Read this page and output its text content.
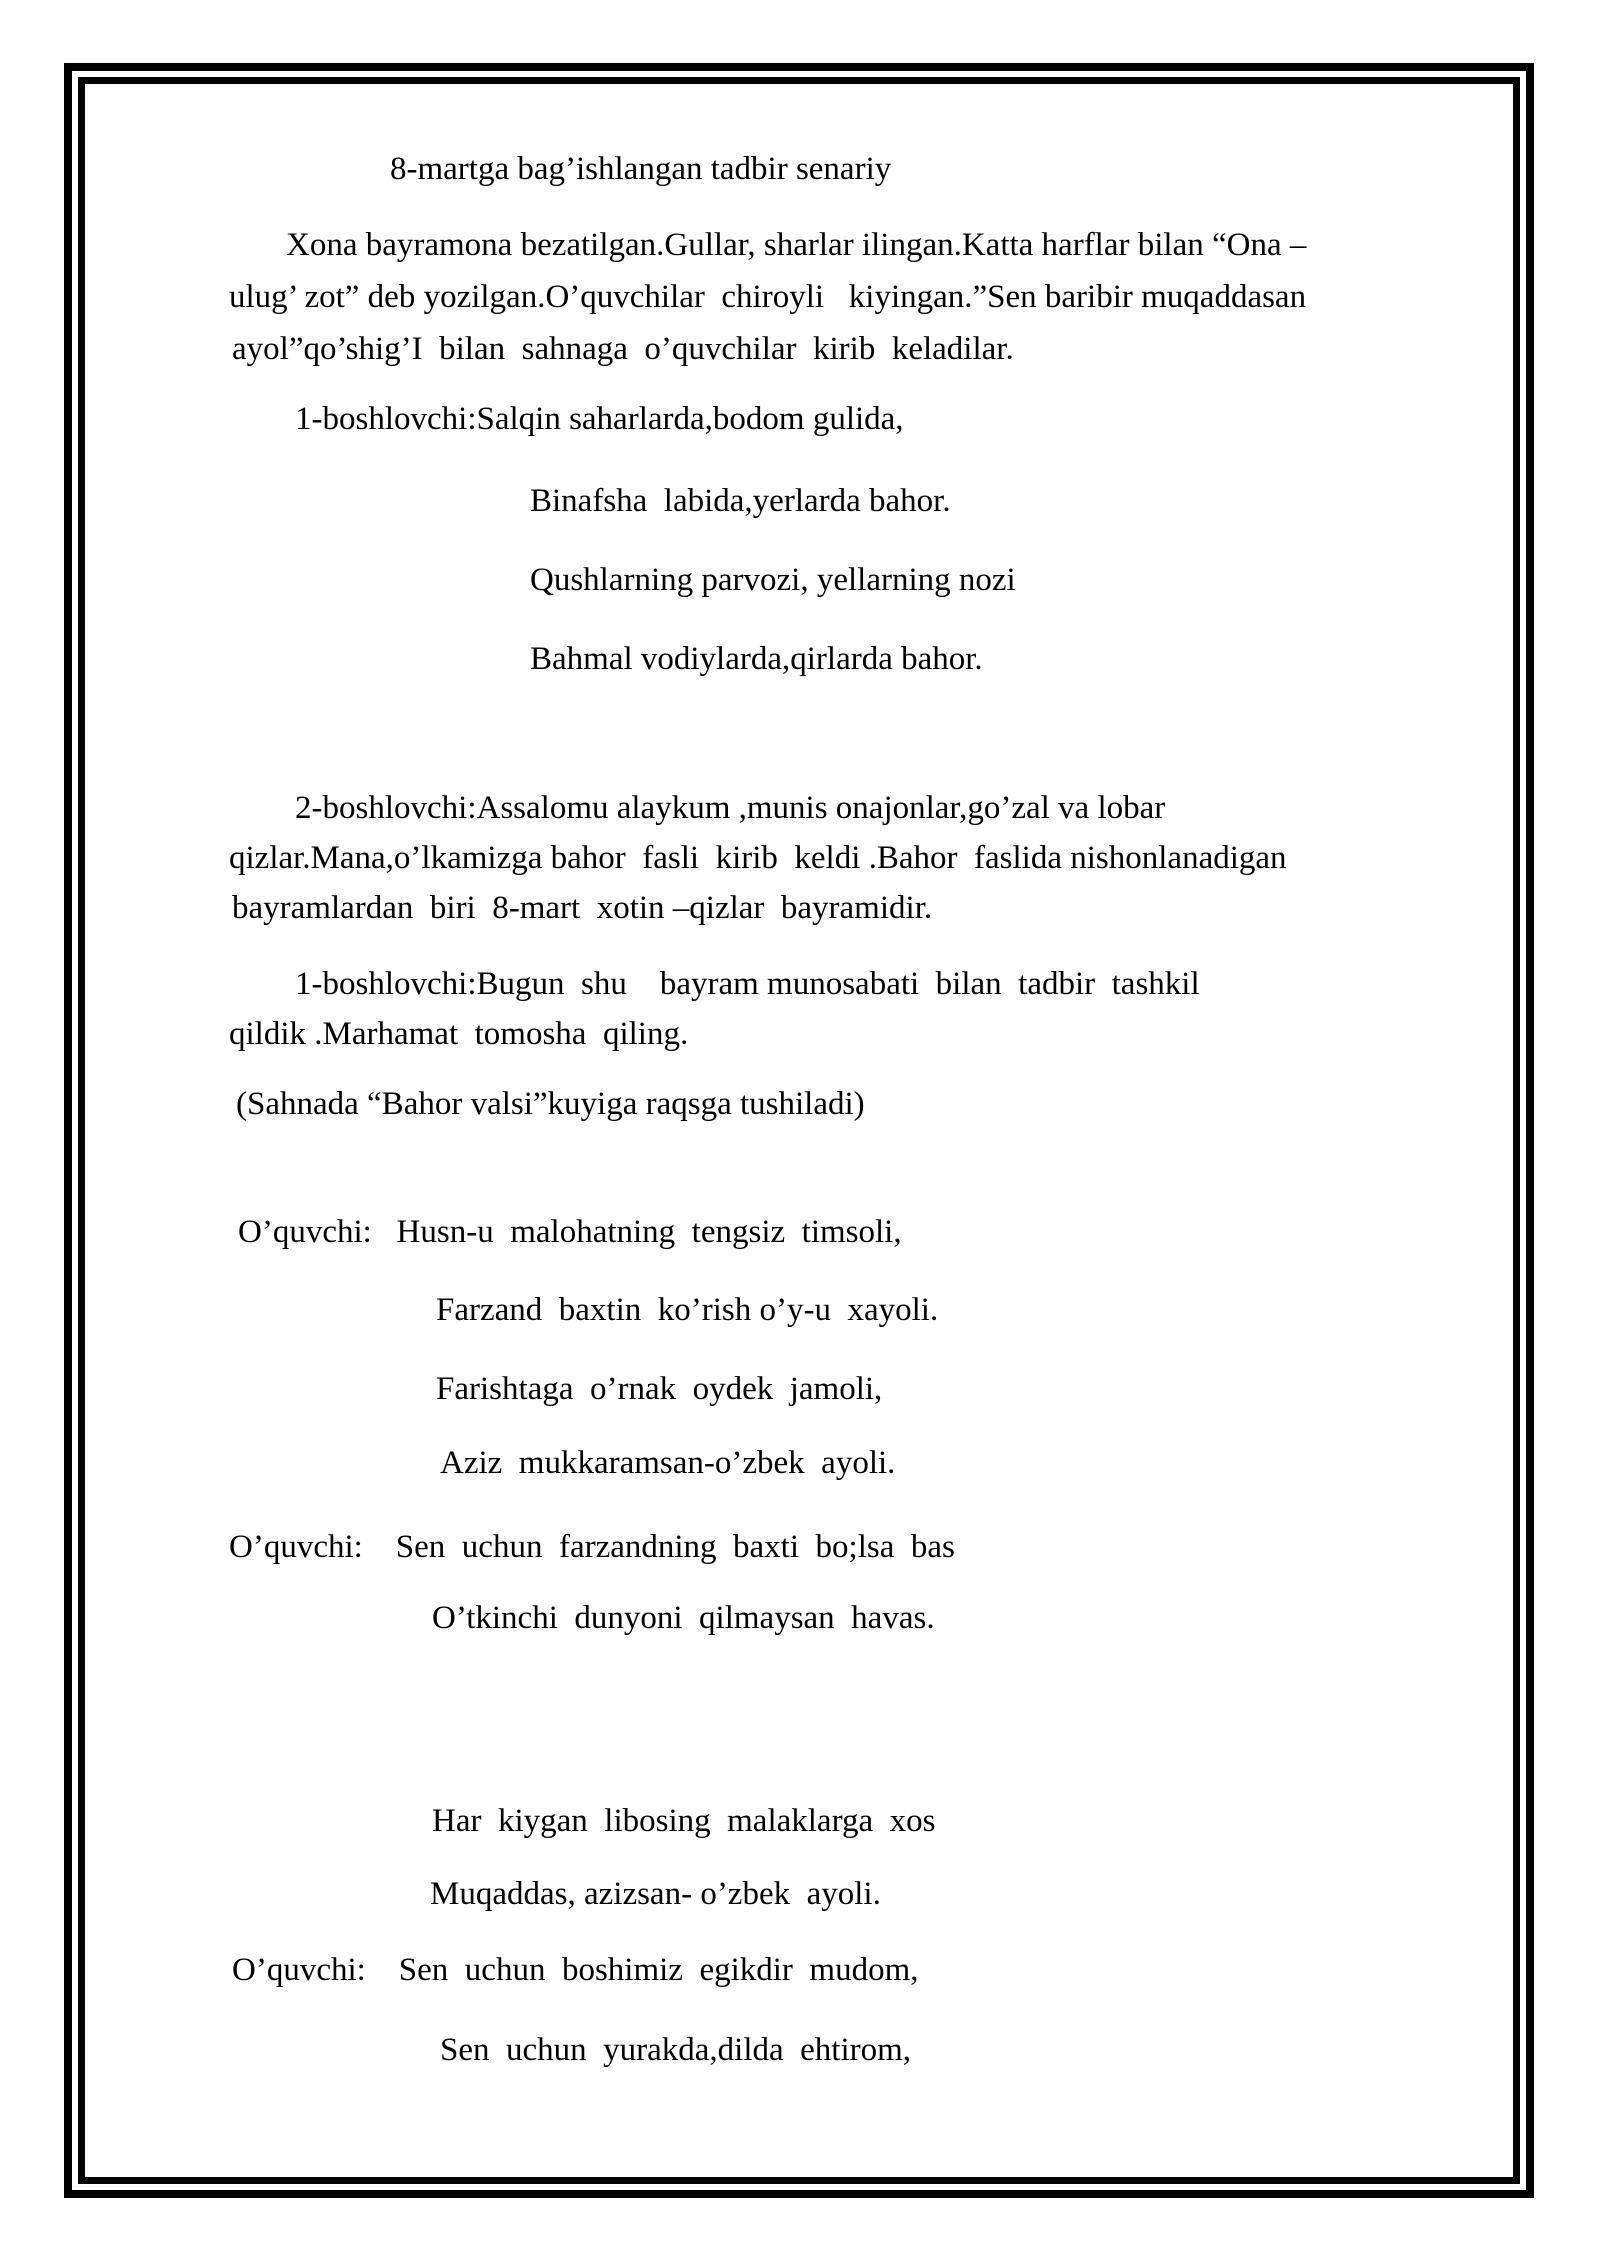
8-martga bag’ishlangan tadbir senariy
Xona bayramona bezatilgan.Gullar, sharlar ilingan.Katta harflar bilan “Ona –
ulug’ zot” deb yozilgan.O’quvchilar  chiroyli   kiyingan.”Sen baribir muqaddasan
ayol”qo’shig’I  bilan  sahnaga  o’quvchilar  kirib  keladilar.
1-boshlovchi:Salqin saharlarda,bodom gulida,
Binafsha  labida,yerlarda bahor.
Qushlarning parvozi, yellarning nozi
Bahmal vodiylarda,qirlarda bahor.
2-boshlovchi:Assalomu alaykum ,munis onajonlar,go’zal va lobar
qizlar.Mana,o’lkamizga bahor  fasli  kirib  keldi .Bahor  faslida nishonlanadigan
bayramlardan  biri  8-mart  xotin –qizlar  bayramidir.
1-boshlovchi:Bugun  shu    bayram munosabati  bilan  tadbir  tashkil
qildik .Marhamat  tomosha  qiling.
(Sahnada “Bahor valsi”kuyiga raqsga tushiladi)
O’quvchi:   Husn-u  malohatning  tengsiz  timsoli,
Farzand  baxtin  ko’rish o’y-u  xayoli.
Farishtaga  o’rnak  oydek  jamoli,
Aziz  mukkaramsan-o’zbek  ayoli.
O’quvchi:    Sen  uchun  farzandning  baxti  bo;lsa  bas
O’tkinchi  dunyoni  qilmaysan  havas.
Har  kiygan  libosing  malaklarga  xos
Muqaddas, azizsan- o’zbek  ayoli.
O’quvchi:    Sen  uchun  boshimiz  egikdir  mudom,
Sen  uchun  yurakda,dilda  ehtirom,
